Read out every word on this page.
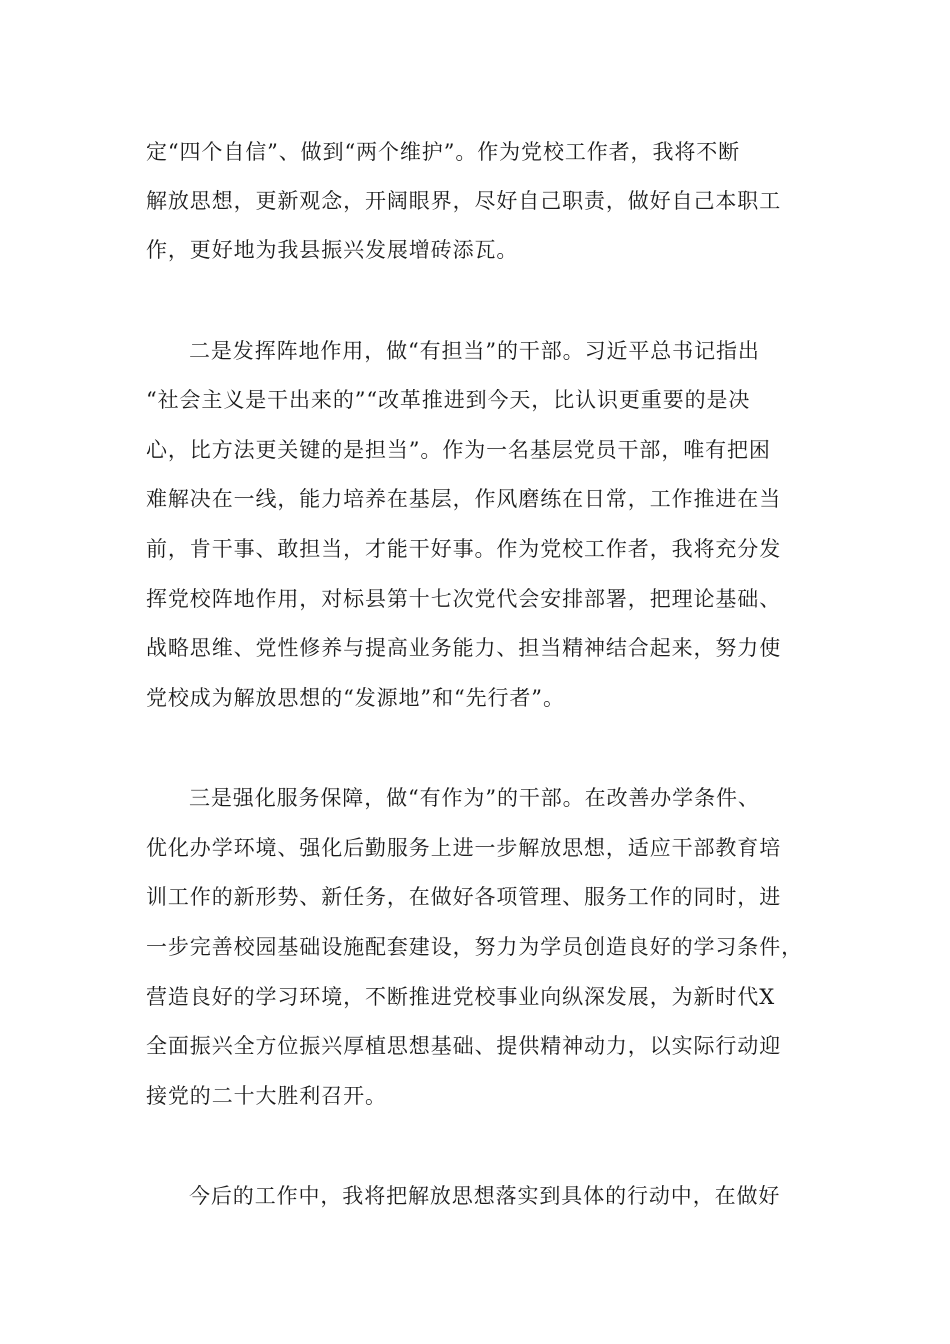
定“四个自信”、做到“两个维护”。作为党校工作者，我将不断
解放思想，更新观念，开阔眼界，尽好自己职责，做好自己本职工
作，更好地为我县振兴发展增砖添瓦。
二是发挥阵地作用，做“有担当”的干部。习近平总书记指出
“社会主义是干出来的”“改革推进到今天，比认识更重要的是决
心，比方法更关键的是担当”。作为一名基层党员干部，唯有把困
难解决在一线，能力培养在基层，作风磨练在日常，工作推进在当
前，肯干事、敢担当，才能干好事。作为党校工作者，我将充分发
挥党校阵地作用，对标县第十七次党代会安排部署，把理论基础、
战略思维、党性修养与提高业务能力、担当精神结合起来，努力使
党校成为解放思想的“发源地”和“先行者”。
三是强化服务保障，做“有作为”的干部。在改善办学条件、
优化办学环境、强化后勤服务上进一步解放思想，适应干部教育培
训工作的新形势、新任务，在做好各项管理、服务工作的同时，进
一步完善校园基础设施配套建设，努力为学员创造良好的学习条件，
营造良好的学习环境，不断推进党校事业向纵深发展，为新时代X
全面振兴全方位振兴厚植思想基础、提供精神动力，以实际行动迎
接党的二十大胜利召开。
今后的工作中，我将把解放思想落实到具体的行动中，在做好
